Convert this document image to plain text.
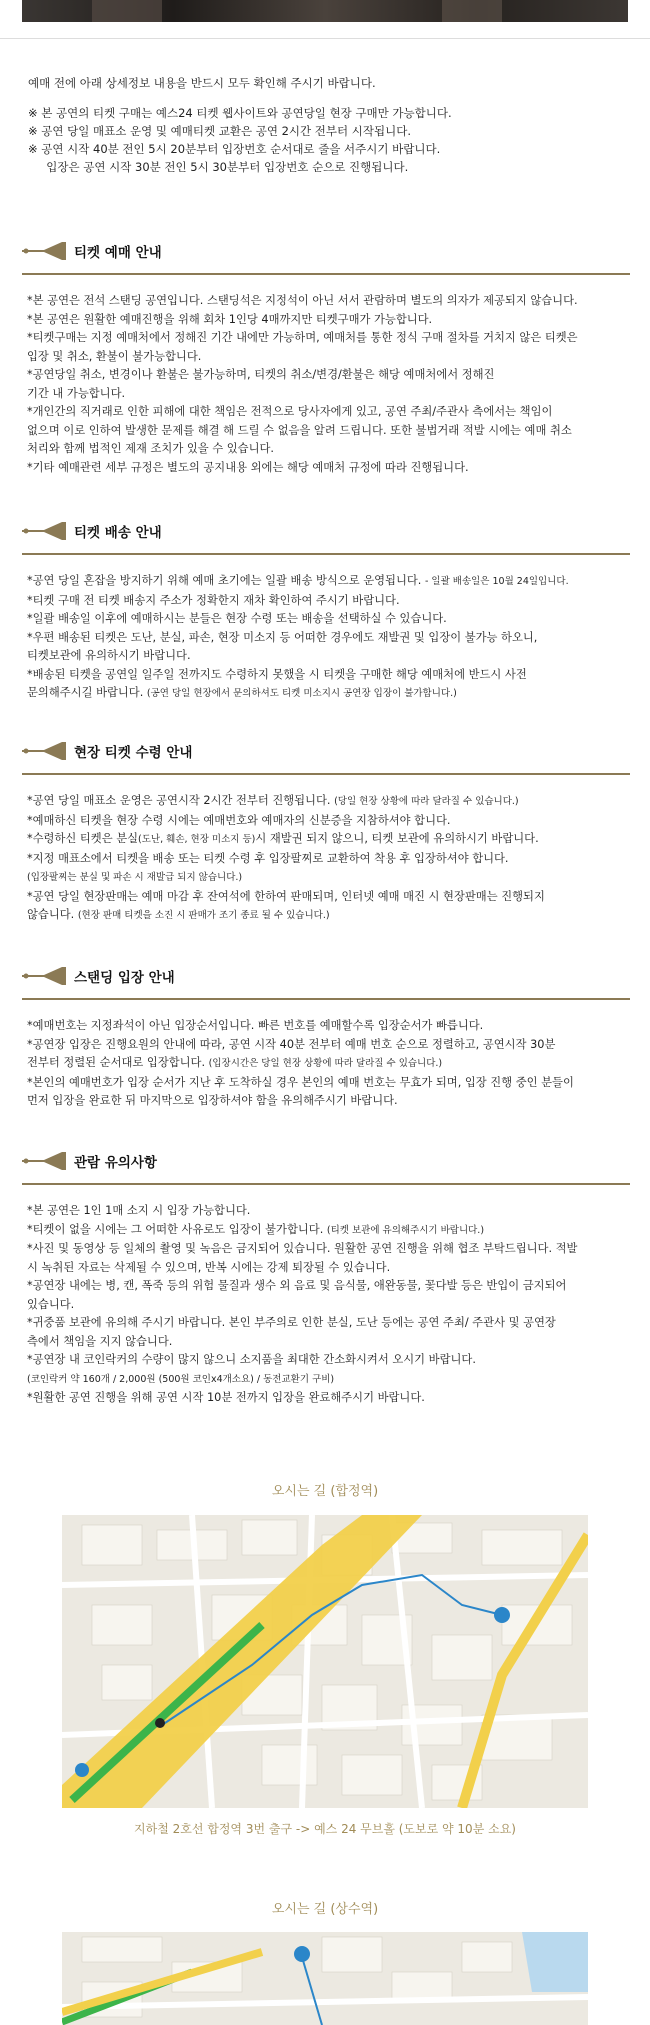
예매 전에 아래 상세정보 내용을 반드시 모두 확인해 주시기 바랍니다.

※ 본 공연의 티켓 구매는 예스24 티켓 웹사이트와 공연당일 현장 구매만 가능합니다.

※ 공연 당일 매표소 운영 및 예매티켓 교환은 공연 2시간 전부터 시작됩니다.

※ 공연 시작 40분 전인 5시 20분부터 입장번호 순서대로 줄을 서주시기 바랍니다.

입장은 공연 시작 30분 전인 5시 30분부터 입장번호 순으로 진행됩니다.

티켓 예매 안내

*본 공연은 전석 스탠딩 공연입니다. 스탠딩석은 지정석이 아닌 서서 관람하며 별도의 의자가 제공되지 않습니다.

*본 공연은 원활한 예매진행을 위해 회차 1인당 4매까지만 티켓구매가 가능합니다.

*티켓구매는 지정 예매처에서 정해진 기간 내에만 가능하며, 예매처를 통한 정식 구매 절차를 거치지 않은 티켓은

입장 및 취소, 환불이 불가능합니다.

*공연당일 취소, 변경이나 환불은 불가능하며, 티켓의 취소/변경/환불은 해당 예매처에서 정해진

기간 내 가능합니다.

*개인간의 직거래로 인한 피해에 대한 책임은 전적으로 당사자에게 있고, 공연 주최/주관사 측에서는 책임이

없으며 이로 인하여 발생한 문제를 해결 해 드릴 수 없음을 알려 드립니다. 또한 불법거래 적발 시에는 예매 취소

처리와 함께 법적인 제재 조치가 있을 수 있습니다.

*기타 예매관련 세부 규정은 별도의 공지내용 외에는 해당 예매처 규정에 따라 진행됩니다.

티켓 배송 안내

*공연 당일 혼잡을 방지하기 위해 예매 초기에는 일괄 배송 방식으로 운영됩니다. - 일괄 배송일은 10월 24일입니다.

*티켓 구매 전 티켓 배송지 주소가 정확한지 재차 확인하여 주시기 바랍니다.

*일괄 배송일 이후에 예매하시는 분들은 현장 수령 또는 배송을 선택하실 수 있습니다.

*우편 배송된 티켓은 도난, 분실, 파손, 현장 미소지 등 어떠한 경우에도 재발권 및 입장이 불가능 하오니,

티켓보관에 유의하시기 바랍니다.

*배송된 티켓을 공연일 일주일 전까지도 수령하지 못했을 시 티켓을 구매한 해당 예매처에 반드시 사전

문의해주시길 바랍니다. (공연 당일 현장에서 문의하셔도 티켓 미소지시 공연장 입장이 불가합니다.)

현장 티켓 수령 안내

*공연 당일 매표소 운영은 공연시작 2시간 전부터 진행됩니다. (당일 현장 상황에 따라 달라질 수 있습니다.)

*예매하신 티켓을 현장 수령 시에는 예매번호와 예매자의 신분증을 지참하셔야 합니다.

*수령하신 티켓은 분실(도난, 훼손, 현장 미소지 등)시 재발권 되지 않으니, 티켓 보관에 유의하시기 바랍니다.

*지정 매표소에서 티켓을 배송 또는 티켓 수령 후 입장팔찌로 교환하여 착용 후 입장하셔야 합니다.

(입장팔찌는 분실 및 파손 시 재발급 되지 않습니다.)

*공연 당일 현장판매는 예매 마감 후 잔여석에 한하여 판매되며, 인터넷 예매 매진 시 현장판매는 진행되지

않습니다. (현장 판매 티켓을 소진 시 판매가 조기 종료 될 수 있습니다.)

스탠딩 입장 안내

*예매번호는 지정좌석이 아닌 입장순서입니다. 빠른 번호를 예매할수록 입장순서가 빠릅니다.

*공연장 입장은 진행요원의 안내에 따라, 공연 시작 40분 전부터 예매 번호 순으로 정렬하고, 공연시작 30분

전부터 정렬된 순서대로 입장합니다. (입장시간은 당일 현장 상황에 따라 달라질 수 있습니다.)

*본인의 예매번호가 입장 순서가 지난 후 도착하실 경우 본인의 예매 번호는 무효가 되며, 입장 진행 중인 분들이

먼저 입장을 완료한 뒤 마지막으로 입장하셔야 함을 유의해주시기 바랍니다.

관람 유의사항

*본 공연은 1인 1매 소지 시 입장 가능합니다.

*티켓이 없을 시에는 그 어떠한 사유로도 입장이 불가합니다. (티켓 보관에 유의해주시기 바랍니다.)

*사진 및 동영상 등 일체의 촬영 및 녹음은 금지되어 있습니다. 원활한 공연 진행을 위해 협조 부탁드립니다. 적발

시 녹취된 자료는 삭제될 수 있으며, 반복 시에는 강제 퇴장될 수 있습니다.

*공연장 내에는 병, 캔, 폭죽 등의 위험 물질과 생수 외 음료 및 음식물, 애완동물, 꽃다발 등은 반입이 금지되어

있습니다.

*귀중품 보관에 유의해 주시기 바랍니다. 본인 부주의로 인한 분실, 도난 등에는 공연 주최/ 주관사 및 공연장

측에서 책임을 지지 않습니다.

*공연장 내 코인락커의 수량이 많지 않으니 소지품을 최대한 간소화시켜서 오시기 바랍니다.

(코인락커 약 160개 / 2,000원 (500원 코인x4개소요) / 동전교환기 구비)

*원활한 공연 진행을 위해 공연 시작 10분 전까지 입장을 완료해주시기 바랍니다.

오시는 길 (합정역)
지하철 2호선 합정역 3번 출구 -> 예스 24 무브홀 (도보로 약 10분 소요)
오시는 길 (상수역)
